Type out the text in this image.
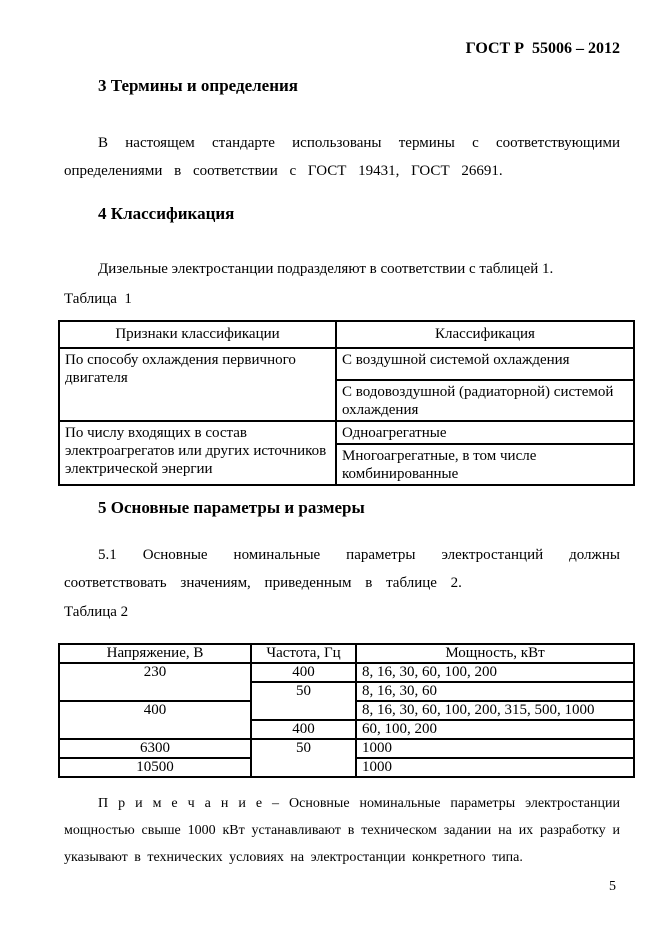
ГОСТ Р  55006 – 2012
3 Термины и определения
В настоящем стандарте использованы термины с соответствующими определениями в соответствии с ГОСТ 19431, ГОСТ 26691.
4 Классификация
Дизельные электростанции подразделяют в соответствии с таблицей 1.
Таблица  1
Признаки классификации	Классификация
По способу охлаждения первичного двигателя	С воздушной системой охлаждения
	С водовоздушной (радиаторной) системой охлаждения
По числу входящих в состав электроагрегатов или других источников электрической энергии	Одноагрегатные
	Многоагрегатные, в том числе комбинированные
5 Основные параметры и размеры
5.1 Основные номинальные параметры электростанций должны соответствовать значениям, приведенным в таблице 2.
Таблица 2
Напряжение, В	Частота, Гц	Мощность, кВт
230	400	8, 16, 30, 60, 100, 200
	50	8, 16, 30, 60
400		8, 16, 30, 60, 100, 200, 315, 500, 1000
	400	60, 100, 200
6300	50	1000
10500		1000
П р и м е ч а н и е – Основные номинальные параметры электростанции мощностью свыше 1000 кВт устанавливают в техническом задании на их разработку и указывают в технических условиях на электростанции конкретного типа.
5
